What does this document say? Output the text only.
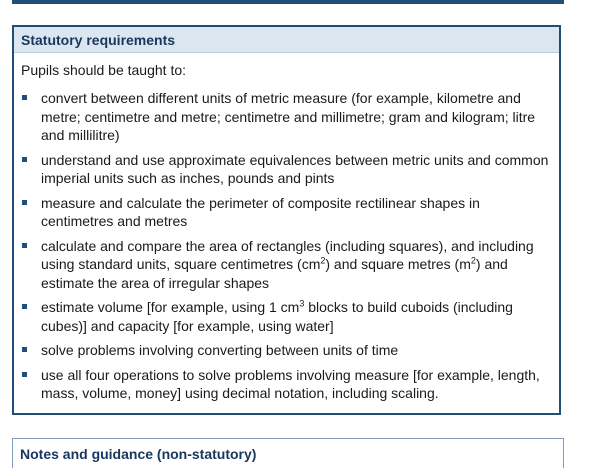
Statutory requirements
Pupils should be taught to:
convert between different units of metric measure (for example, kilometre and metre; centimetre and metre; centimetre and millimetre; gram and kilogram; litre and millilitre)
understand and use approximate equivalences between metric units and common imperial units such as inches, pounds and pints
measure and calculate the perimeter of composite rectilinear shapes in centimetres and metres
calculate and compare the area of rectangles (including squares), and including using standard units, square centimetres $(cm^2)$ and square metres $(m^2)$ and estimate the area of irregular shapes
estimate volume [for example, using 1 $cm^3$ blocks to build cuboids (including cubes)] and capacity [for example, using water]
solve problems involving converting between units of time
use all four operations to solve problems involving measure [for example, length, mass, volume, money] using decimal notation, including scaling.
Notes and guidance (non-statutory)
